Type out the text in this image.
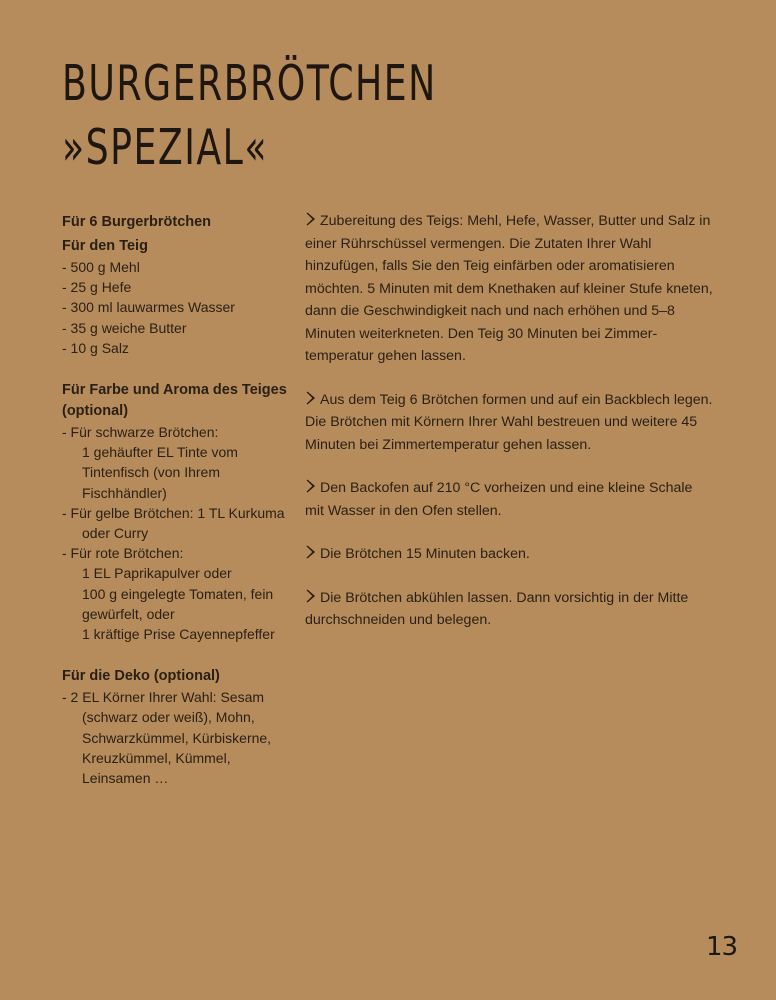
BURGERBRÖTCHEN
»SPEZIAL«
Für 6 Burgerbrötchen
Für den Teig
- 500 g Mehl
- 25 g Hefe
- 300 ml lauwarmes Wasser
- 35 g weiche Butter
- 10 g Salz
Für Farbe und Aroma des Teiges
(optional)
- Für schwarze Brötchen:
1 gehäufter EL Tinte vom
Tintenfisch (von Ihrem
Fischhändler)
- Für gelbe Brötchen: 1 TL Kurkuma
oder Curry
- Für rote Brötchen:
1 EL Paprikapulver oder
100 g eingelegte Tomaten, fein
gewürfelt, oder
1 kräftige Prise Cayennepfeffer
Für die Deko (optional)
- 2 EL Körner Ihrer Wahl: Sesam
(schwarz oder weiß), Mohn,
Schwarzkümmel, Kürbiskerne,
Kreuzkümmel, Kümmel,
Leinsamen …

Zubereitung des Teigs: Mehl, Hefe, Wasser, Butter und Salz in einer Rührschüssel vermengen. Die Zutaten Ihrer Wahl hinzufügen, falls Sie den Teig einfärben oder aromatisieren möchten. 5 Minuten mit dem Knethaken auf kleiner Stufe kneten, dann die Geschwindigkeit nach und nach erhöhen und 5–8 Minuten weiterkneten. Den Teig 30 Minuten bei Zimmertemperatur gehen lassen.

Aus dem Teig 6 Brötchen formen und auf ein Backblech legen. Die Brötchen mit Körnern Ihrer Wahl bestreuen und weitere 45 Minuten bei Zimmertemperatur gehen lassen.

Den Backofen auf 210 °C vorheizen und eine kleine Schale mit Wasser in den Ofen stellen.

Die Brötchen 15 Minuten backen.

Die Brötchen abkühlen lassen. Dann vorsichtig in der Mitte durchschneiden und belegen.

13
